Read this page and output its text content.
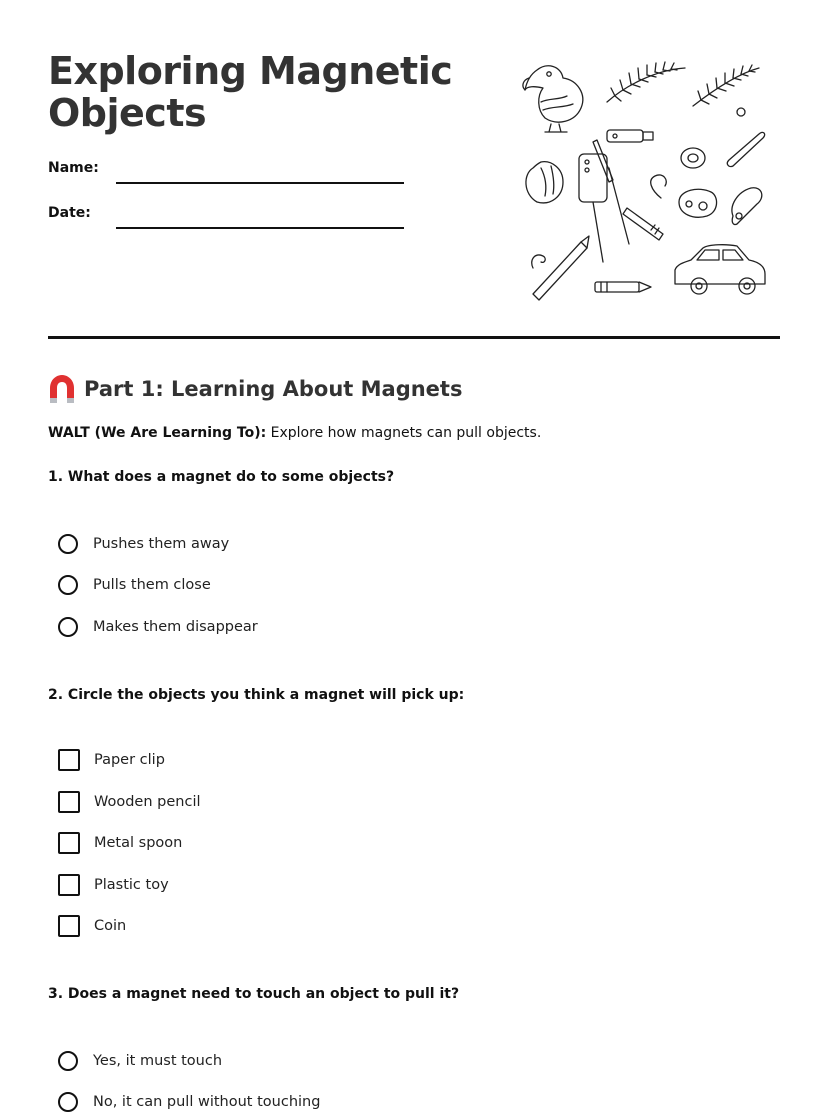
Exploring Magnetic Objects
Name:
Date:
Part 1: Learning About Magnets
WALT (We Are Learning To): Explore how magnets can pull objects.
1. What does a magnet do to some objects?
Pushes them away
Pulls them close
Makes them disappear
2. Circle the objects you think a magnet will pick up:
Paper clip
Wooden pencil
Metal spoon
Plastic toy
Coin
3. Does a magnet need to touch an object to pull it?
Yes, it must touch
No, it can pull without touching
